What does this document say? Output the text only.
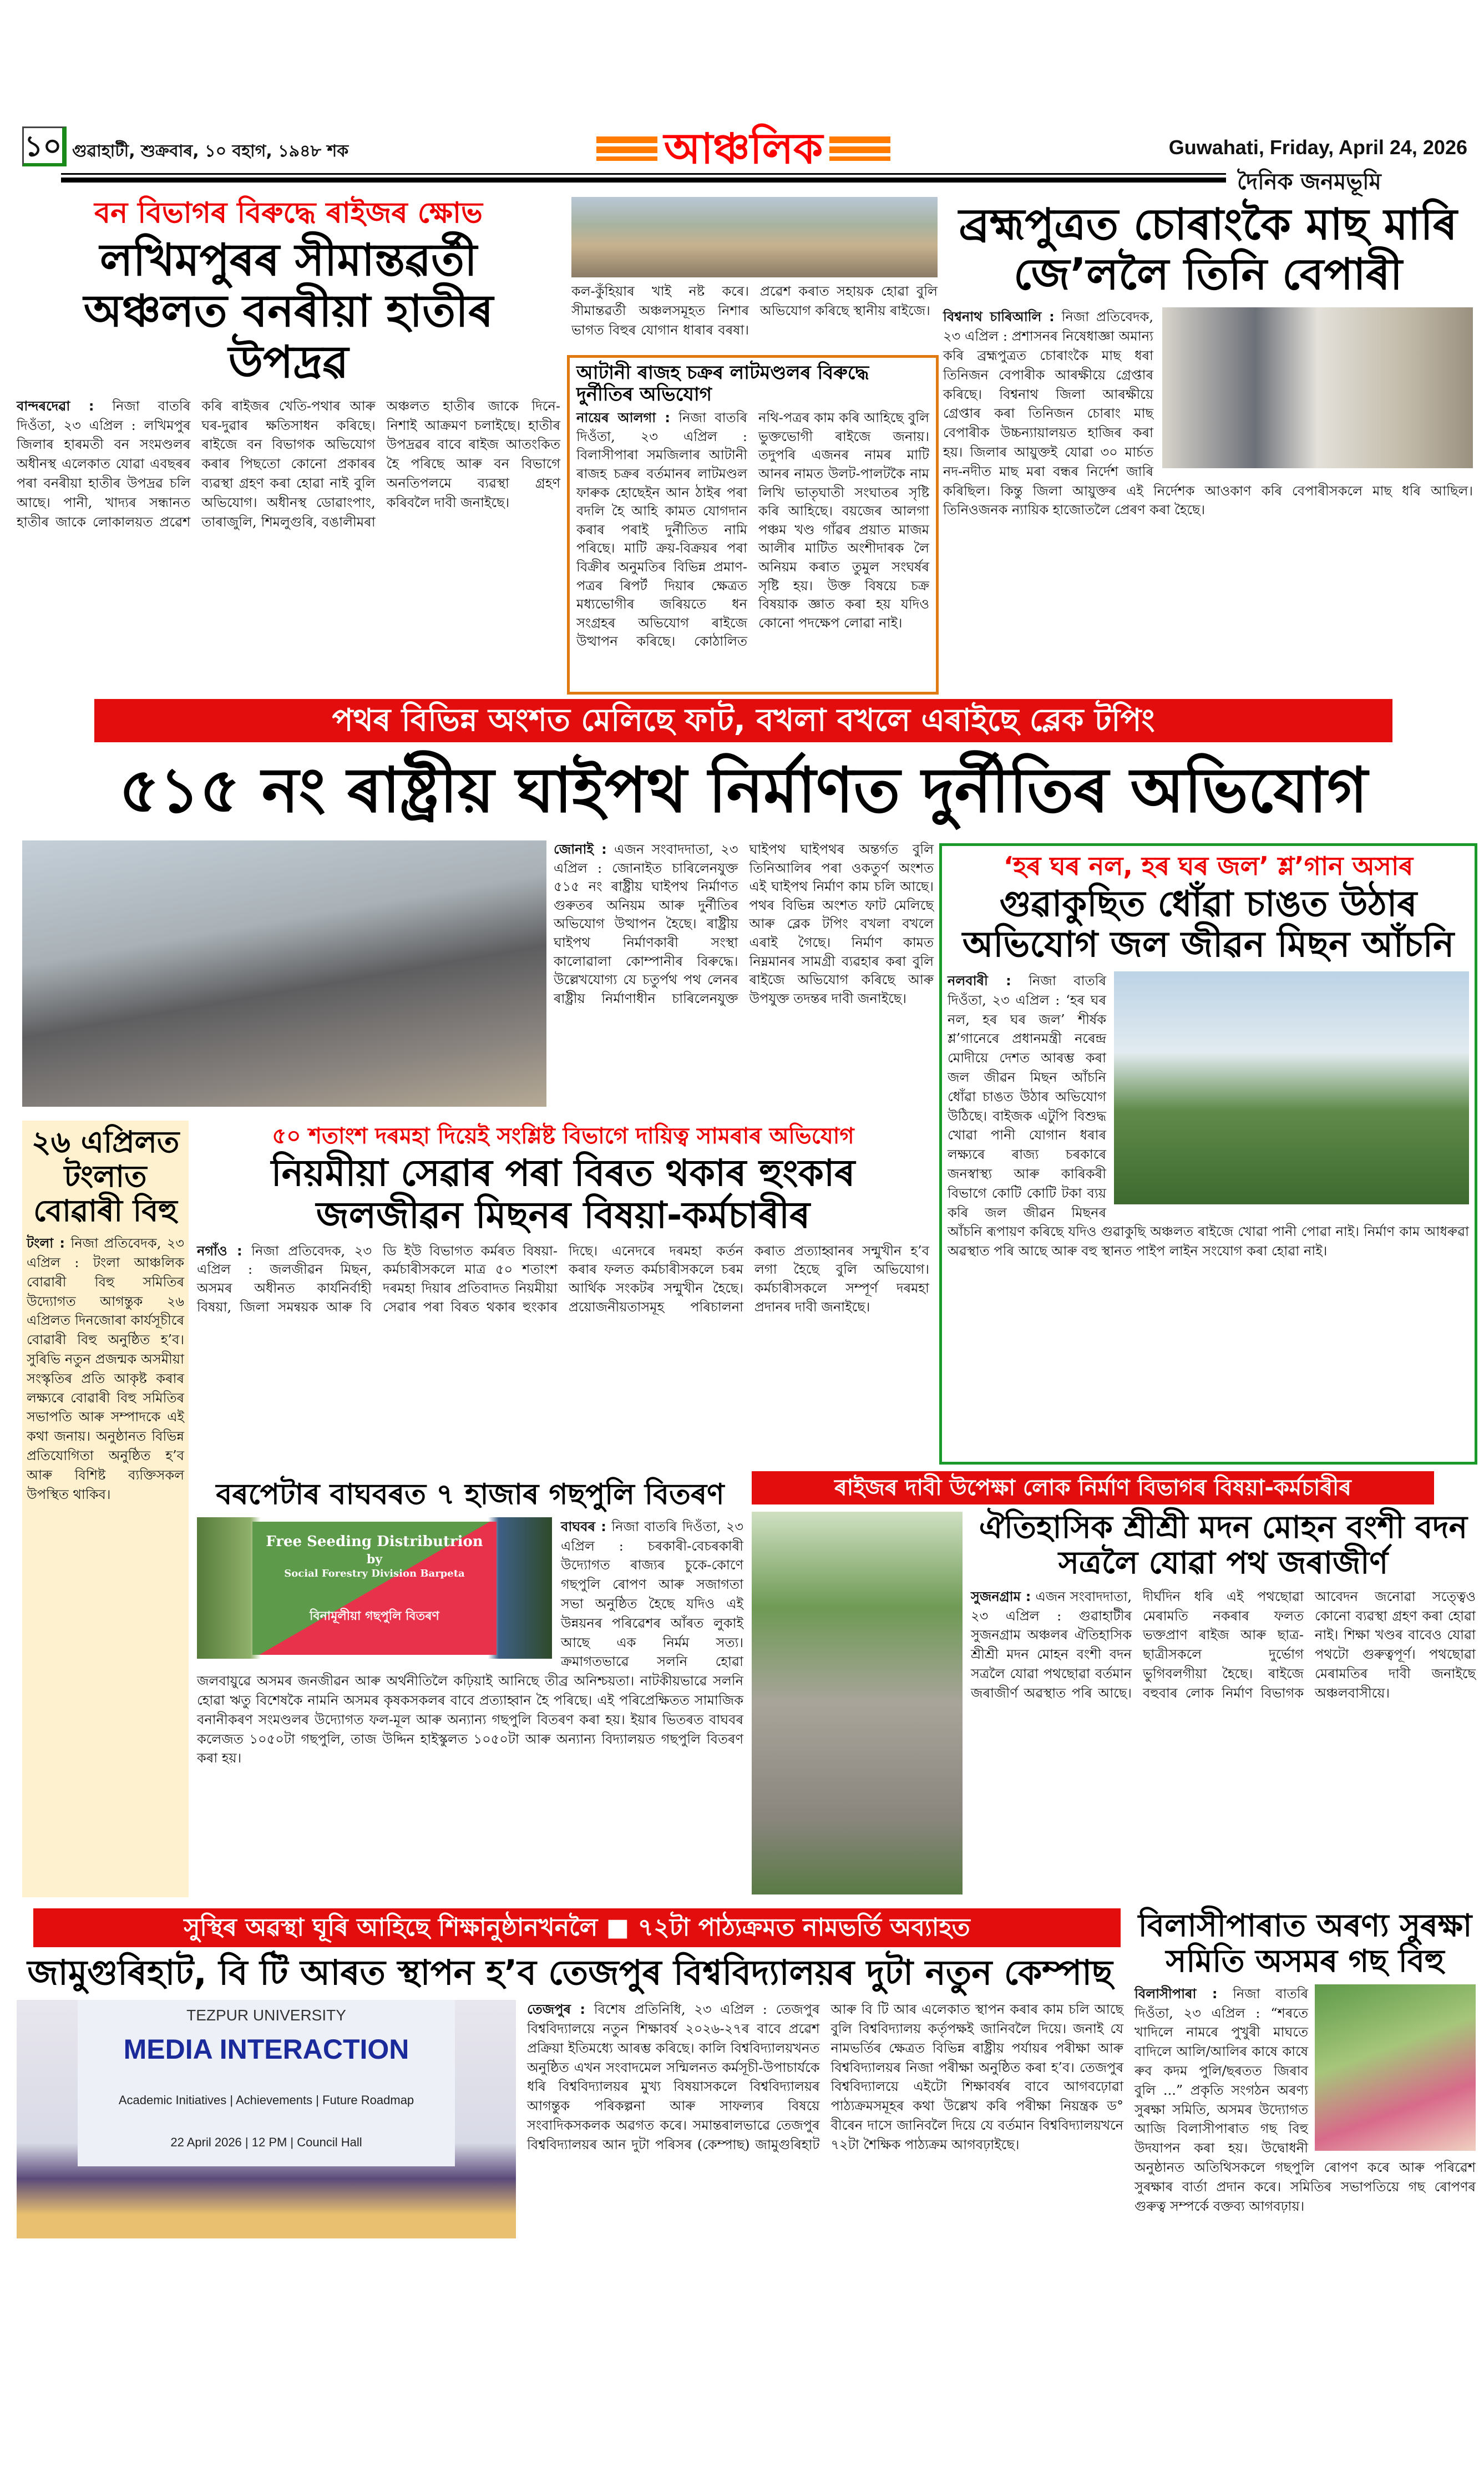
১০ গুৱাহাটী, শুক্ৰবাৰ, ১০ বহাগ, ১৯৪৮ শক	আঞ্চলিক	Guwahati, Friday, April 24, 2026
দৈনিক জনমভূমি
বন বিভাগৰ বিৰুদ্ধে ৰাইজৰ ক্ষোভ
লখিমপুৰৰ সীমান্তৱৰ্তী অঞ্চলত বনৰীয়া হাতীৰ উপদ্ৰৱ
বান্দৰদেৱা : নিজা বাতৰি দিওঁতা, ২৩ এপ্ৰিল : লখিমপুৰ জিলাৰ হাৰমতী বন সংমণ্ডলৰ অধীনস্থ এলেকাত যোৱা এবছৰৰ পৰা বনৰীয়া হাতীৰ উপদ্ৰৱ চলি আছে। পানী, খাদ্যৰ সন্ধানত হাতীৰ জাকে লোকালয়ত প্ৰৱেশ কৰি ৰাইজৰ খেতি-পথাৰ আৰু ঘৰ-দুৱাৰ ক্ষতিসাধন কৰিছে। ৰাইজে বন বিভাগক অভিযোগ কৰাৰ পিছতো কোনো প্ৰকাৰৰ ব্যৱস্থা গ্ৰহণ কৰা হোৱা নাই বুলি অভিযোগ। অধীনস্থ ডোৱাংপাং, তাৰাজুলি, শিমলুগুৰি, বঙালীমৰা অঞ্চলত হাতীৰ জাকে দিনে-নিশাই আক্ৰমণ চলাইছে। হাতীৰ উপদ্ৰৱৰ বাবে ৰাইজ আতংকিত হৈ পৰিছে আৰু বন বিভাগে অনতিপলমে ব্যৱস্থা গ্ৰহণ কৰিবলৈ দাবী জনাইছে।
কল-কুঁহিয়াৰ খাই নষ্ট কৰে। সীমান্তৱৰ্তী অঞ্চলসমূহত নিশাৰ ভাগত বিহুৰ যোগান ধাৰাৰ বৰষা। প্ৰৱেশ কৰাত সহায়ক হোৱা বুলি অভিযোগ কৰিছে স্থানীয় ৰাইজে।
আটানী ৰাজহ চক্ৰৰ লাটমণ্ডলৰ বিৰুদ্ধে দুৰ্নীতিৰ অভিযোগ
নায়েৰ আলগা : নিজা বাতৰি দিওঁতা, ২৩ এপ্ৰিল : বিলাসীপাৰা সমজিলাৰ আটানী ৰাজহ চক্ৰৰ বৰ্তমানৰ লাটমণ্ডল ফাৰুক হোছেইন আন ঠাইৰ পৰা বদলি হৈ আহি কামত যোগদান কৰাৰ পৰাই দুৰ্নীতিত নামি পৰিছে। মাটি ক্ৰয়-বিক্ৰয়ৰ পৰা বিক্ৰীৰ অনুমতিৰ বিভিন্ন প্ৰমাণ-পত্ৰৰ ৰিপৰ্ট দিয়াৰ ক্ষেত্ৰত মধ্যভোগীৰ জৰিয়তে ধন সংগ্ৰহৰ অভিযোগ ৰাইজে উত্থাপন কৰিছে। কোঠালিত নথি-পত্ৰৰ কাম কৰি আহিছে বুলি ভুক্তভোগী ৰাইজে জনায়। তদুপৰি এজনৰ নামৰ মাটি আনৰ নামত উলট-পালটকৈ নাম লিখি ভাতৃঘাতী সংঘাতৰ সৃষ্টি কৰি আহিছে। বয়জেৰ আলগা পঞ্চম খণ্ড গাঁৱৰ প্ৰয়াত মাজম আলীৰ মাটিত অংশীদাৰক লৈ অনিয়ম কৰাত তুমুল সংঘৰ্ষৰ সৃষ্টি হয়। উক্ত বিষয়ে চক্ৰ বিষয়াক জ্ঞাত কৰা হয় যদিও কোনো পদক্ষেপ লোৱা নাই।
ব্ৰহ্মপুত্ৰত চোৰাংকৈ মাছ মাৰি জে’ললৈ তিনি বেপাৰী
বিশ্বনাথ চাৰিআলি : নিজা প্ৰতিবেদক, ২৩ এপ্ৰিল : প্ৰশাসনৰ নিষেধাজ্ঞা অমান্য কৰি ব্ৰহ্মপুত্ৰত চোৰাংকৈ মাছ ধৰা তিনিজন বেপাৰীক আৰক্ষীয়ে গ্ৰেপ্তাৰ কৰিছে। বিশ্বনাথ জিলা আৰক্ষীয়ে গ্ৰেপ্তাৰ কৰা তিনিজন চোৰাং মাছ বেপাৰীক উচ্চন্যায়ালয়ত হাজিৰ কৰা হয়। জিলাৰ আয়ুক্তই যোৱা ৩০ মাৰ্চত নদ-নদীত মাছ মৰা বন্ধৰ নিৰ্দেশ জাৰি কৰিছিল। কিন্তু জিলা আয়ুক্তৰ এই নিৰ্দেশক আওকাণ কৰি বেপাৰীসকলে মাছ ধৰি আছিল। তিনিওজনক ন্যায়িক হাজোতলৈ প্ৰেৰণ কৰা হৈছে।
পথৰ বিভিন্ন অংশত মেলিছে ফাট, বখলা বখলে এৰাইছে ব্লেক টপিং
৫১৫ নং ৰাষ্ট্ৰীয় ঘাইপথ নিৰ্মাণত দুৰ্নীতিৰ অভিযোগ
জোনাই : এজন সংবাদদাতা, ২৩ এপ্ৰিল : জোনাইত চাৰিলেনযুক্ত ৫১৫ নং ৰাষ্ট্ৰীয় ঘাইপথ নিৰ্মাণত গুৰুতৰ অনিয়ম আৰু দুৰ্নীতিৰ অভিযোগ উত্থাপন হৈছে। ৰাষ্ট্ৰীয় ঘাইপথ নিৰ্মাণকাৰী সংস্থা কালোৱালা কোম্পানীৰ বিৰুদ্ধে। উল্লেখযোগ্য যে চতুৰ্পথ পথ লেনৰ ৰাষ্ট্ৰীয় নিৰ্মাণাধীন চাৰিলেনযুক্ত ঘাইপথ ঘাইপথৰ অন্তৰ্গত বুলি তিনিআলিৰ পৰা ওকতুৰ্ণ অংশত এই ঘাইপথ নিৰ্মাণ কাম চলি আছে। পথৰ বিভিন্ন অংশত ফাট মেলিছে আৰু ব্লেক টপিং বখলা বখলে এৰাই গৈছে। নিৰ্মাণ কামত নিম্নমানৰ সামগ্ৰী ব্যৱহাৰ কৰা বুলি ৰাইজে অভিযোগ কৰিছে আৰু উপযুক্ত তদন্তৰ দাবী জনাইছে।
‘হৰ ঘৰ নল, হৰ ঘৰ জল’ শ্ল’গান অসাৰ
গুৱাকুছিত ধোঁৱা চাঙত উঠাৰ অভিযোগ জল জীৱন মিছন আঁচনি
নলবাৰী : নিজা বাতৰি দিওঁতা, ২৩ এপ্ৰিল : ‘হৰ ঘৰ নল, হৰ ঘৰ জল’ শীৰ্ষক শ্ল’গানেৰে প্ৰধানমন্ত্ৰী নৰেন্দ্ৰ মোদীয়ে দেশত আৰম্ভ কৰা জল জীৱন মিছন আঁচনি ধোঁৱা চাঙত উঠাৰ অভিযোগ উঠিছে। বাইজক এটুপি বিশুদ্ধ খোৱা পানী যোগান ধৰাৰ লক্ষ্যৰে ৰাজ্য চৰকাৰে জনস্বাস্থ্য আৰু কাৰিকৰী বিভাগে কোটি কোটি টকা ব্যয় কৰি জল জীৱন মিছনৰ আঁচনি ৰূপায়ণ কৰিছে যদিও গুৱাকুছি অঞ্চলত ৰাইজে খোৱা পানী পোৱা নাই। নিৰ্মাণ কাম আধৰুৱা অৱস্থাত পৰি আছে আৰু বহু স্থানত পাইপ লাইন সংযোগ কৰা হোৱা নাই।
২৬ এপ্ৰিলত টংলাত বোৱাৰী বিহু
টংলা : নিজা প্ৰতিবেদক, ২৩ এপ্ৰিল : টংলা আঞ্চলিক বোৱাৰী বিহু সমিতিৰ উদ্যোগত আগন্তুক ২৬ এপ্ৰিলত দিনজোৰা কাৰ্যসূচীৰে বোৱাৰী বিহু অনুষ্ঠিত হ’ব। সুৰিভি নতুন প্ৰজন্মক অসমীয়া সংস্কৃতিৰ প্ৰতি আকৃষ্ট কৰাৰ লক্ষ্যৰে বোৱাৰী বিহু সমিতিৰ সভাপতি আৰু সম্পাদকে এই কথা জনায়। অনুষ্ঠানত বিভিন্ন প্ৰতিযোগিতা অনুষ্ঠিত হ’ব আৰু বিশিষ্ট ব্যক্তিসকল উপস্থিত থাকিব।
৫০ শতাংশ দৰমহা দিয়েই সংশ্লিষ্ট বিভাগে দায়িত্ব সামৰাৰ অভিযোগ
নিয়মীয়া সেৱাৰ পৰা বিৰত থকাৰ হুংকাৰ জলজীৱন মিছনৰ বিষয়া-কৰ্মচাৰীৰ
নগাঁও : নিজা প্ৰতিবেদক, ২৩ এপ্ৰিল : জলজীৱন মিছন, অসমৰ অধীনত কাৰ্যনিৰ্বাহী বিষয়া, জিলা সমন্বয়ক আৰু বি ডি ইউ বিভাগত কৰ্মৰত বিষয়া-কৰ্মচাৰীসকলে মাত্ৰ ৫০ শতাংশ দৰমহা দিয়াৰ প্ৰতিবাদত নিয়মীয়া সেৱাৰ পৰা বিৰত থকাৰ হুংকাৰ দিছে। এনেদৰে দৰমহা কৰ্তন কৰাৰ ফলত কৰ্মচাৰীসকলে চৰম আৰ্থিক সংকটৰ সন্মুখীন হৈছে। প্ৰয়োজনীয়তাসমূহ পৰিচালনা কৰাত প্ৰত্যাহ্বানৰ সন্মুখীন হ’ব লগা হৈছে বুলি অভিযোগ। কৰ্মচাৰীসকলে সম্পূৰ্ণ দৰমহা প্ৰদানৰ দাবী জনাইছে।
বৰপেটাৰ বাঘবৰত ৭ হাজাৰ গছপুলি বিতৰণ
Free Seeding Distributrion
by
Social Forestry Division Barpeta
বিনামূলীয়া গছপুলি বিতৰণ
বাঘবৰ : নিজা বাতৰি দিওঁতা, ২৩ এপ্ৰিল : চৰকাৰী-বেচৰকাৰী উদ্যোগত ৰাজ্যৰ চুকে-কোণে গছপুলি ৰোপণ আৰু সজাগতা সভা অনুষ্ঠিত হৈছে যদিও এই উন্নয়নৰ পৰিৱেশৰ আঁৰত লুকাই আছে এক নিৰ্মম সত্য। ক্ৰমাগতভাৱে সলনি হোৱা জলবায়ুৱে অসমৰ জনজীৱন আৰু অৰ্থনীতিলৈ কঢ়িয়াই আনিছে তীব্ৰ অনিশ্চয়তা। নাটকীয়ভাৱে সলনি হোৱা ঋতু বিশেষকৈ নামনি অসমৰ কৃষকসকলৰ বাবে প্ৰত্যাহ্বান হৈ পৰিছে। এই পৰিপ্ৰেক্ষিতত সামাজিক বনানীকৰণ সংমণ্ডলৰ উদ্যোগত ফল-মূল আৰু অন্যান্য গছপুলি বিতৰণ কৰা হয়। ইয়াৰ ভিতৰত বাঘবৰ কলেজত ১০৫০টা গছপুলি, তাজ উদ্দিন হাইস্কুলত ১০৫০টা আৰু অন্যান্য বিদ্যালয়ত গছপুলি বিতৰণ কৰা হয়।
ৰাইজৰ দাবী উপেক্ষা লোক নিৰ্মাণ বিভাগৰ বিষয়া-কৰ্মচাৰীৰ
ঐতিহাসিক শ্ৰীশ্ৰী মদন মোহন বংশী বদন সত্ৰলৈ যোৱা পথ জৰাজীৰ্ণ
সুজনগ্ৰাম : এজন সংবাদদাতা, ২৩ এপ্ৰিল : গুৱাহাটীৰ সুজনগ্ৰাম অঞ্চলৰ ঐতিহাসিক শ্ৰীশ্ৰী মদন মোহন বংশী বদন সত্ৰলৈ যোৱা পথছোৱা বৰ্তমান জৰাজীৰ্ণ অৱস্থাত পৰি আছে। দীৰ্ঘদিন ধৰি এই পথছোৱা মেৰামতি নকৰাৰ ফলত ভক্তপ্ৰাণ ৰাইজ আৰু ছাত্ৰ-ছাত্ৰীসকলে দুৰ্ভোগ ভুগিবলগীয়া হৈছে। ৰাইজে বহুবাৰ লোক নিৰ্মাণ বিভাগক আবেদন জনোৱা সত্ত্বেও কোনো ব্যৱস্থা গ্ৰহণ কৰা হোৱা নাই। শিক্ষা খণ্ডৰ বাবেও যোৱা পথটো গুৰুত্বপূৰ্ণ। পথছোৱা মেৰামতিৰ দাবী জনাইছে অঞ্চলবাসীয়ে।
সুস্থিৰ অৱস্থা ঘূৰি আহিছে শিক্ষানুষ্ঠানখনলৈ ■ ৭২টা পাঠ্যক্ৰমত নামভৰ্তি অব্যাহত
জামুগুৰিহাট, বি টি আৰত স্থাপন হ’ব তেজপুৰ বিশ্ববিদ্যালয়ৰ দুটা নতুন কেম্পাছ
TEZPUR UNIVERSITY
MEDIA INTERACTION
Academic Initiatives | Achievements | Future Roadmap
22 April 2026 | 12 PM | Council Hall
তেজপুৰ : বিশেষ প্ৰতিনিধি, ২৩ এপ্ৰিল : তেজপুৰ বিশ্ববিদ্যালয়ে নতুন শিক্ষাবৰ্ষ ২০২৬-২৭ৰ বাবে প্ৰৱেশ প্ৰক্ৰিয়া ইতিমধ্যে আৰম্ভ কৰিছে। কালি বিশ্ববিদ্যালয়খনত অনুষ্ঠিত এখন সংবাদমেল সন্মিলনত কৰ্মসূচী-উপাচাৰ্যকে ধৰি বিশ্ববিদ্যালয়ৰ মুখ্য বিষয়াসকলে বিশ্ববিদ্যালয়ৰ আগন্তুক পৰিকল্পনা আৰু সাফল্যৰ বিষয়ে সংবাদিকসকলক অৱগত কৰে। সমান্তৰালভাৱে তেজপুৰ বিশ্ববিদ্যালয়ৰ আন দুটা পৰিসৰ (কেম্পাছ) জামুগুৰিহাট আৰু বি টি আৰ এলেকাত স্থাপন কৰাৰ কাম চলি আছে বুলি বিশ্ববিদ্যালয় কৰ্তৃপক্ষই জানিবলৈ দিয়ে। জনাই যে নামভৰ্তিৰ ক্ষেত্ৰত বিভিন্ন ৰাষ্ট্ৰীয় পৰ্যায়ৰ পৰীক্ষা আৰু বিশ্ববিদ্যালয়ৰ নিজা পৰীক্ষা অনুষ্ঠিত কৰা হ’ব। তেজপুৰ বিশ্ববিদ্যালয়ে এইটো শিক্ষাবৰ্ষৰ বাবে আগবঢ়োৱা পাঠ্যক্ৰমসমূহৰ কথা উল্লেখ কৰি পৰীক্ষা নিয়ন্ত্ৰক ড° বীৰেন দাসে জানিবলৈ দিয়ে যে বৰ্তমান বিশ্ববিদ্যালয়খনে ৭২টা শৈক্ষিক পাঠ্যক্ৰম আগবঢ়াইছে।
বিলাসীপাৰাত অৰণ্য সুৰক্ষা সমিতি অসমৰ গছ বিহু
বিলাসীপাৰা : নিজা বাতৰি দিওঁতা, ২৩ এপ্ৰিল : “শৰতে খাদিলে নামৰে পুখুৰী মাঘতে বাদিলে আলি/আলিৰ কাষে কাষে ৰুব কদম পুলি/ছৰতত জিৰাব বুলি ...” প্ৰকৃতি সংগঠন অৰণ্য সুৰক্ষা সমিতি, অসমৰ উদ্যোগত আজি বিলাসীপাৰাত গছ বিহু উদযাপন কৰা হয়। উদ্বোধনী অনুষ্ঠানত অতিথিসকলে গছপুলি ৰোপণ কৰে আৰু পৰিৱেশ সুৰক্ষাৰ বাৰ্তা প্ৰদান কৰে। সমিতিৰ সভাপতিয়ে গছ ৰোপণৰ গুৰুত্ব সম্পৰ্কে বক্তব্য আগবঢ়ায়।
